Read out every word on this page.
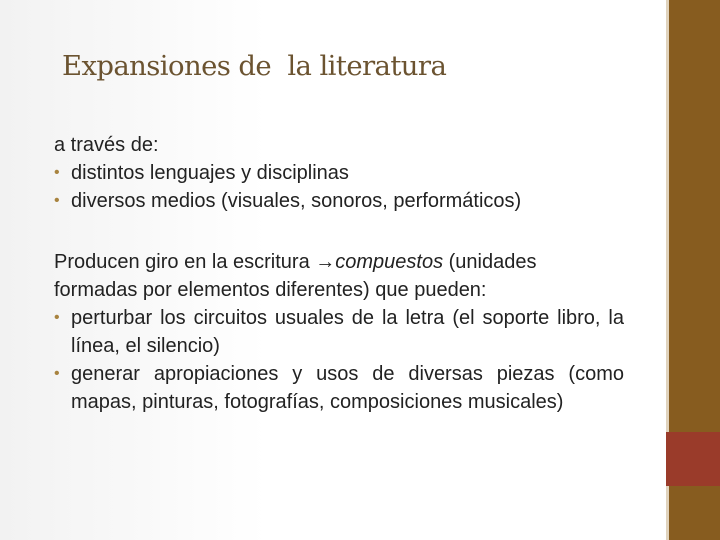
Expansiones de  la literatura
a través de:
• distintos lenguajes y disciplinas
• diversos medios (visuales, sonoros, performáticos)
Producen giro en la escritura →compuestos (unidades
formadas por elementos diferentes) que pueden:
• perturbar los circuitos usuales de la letra (el soporte libro, la línea, el silencio)
• generar apropiaciones y usos de diversas piezas (como mapas, pinturas, fotografías, composiciones musicales)
